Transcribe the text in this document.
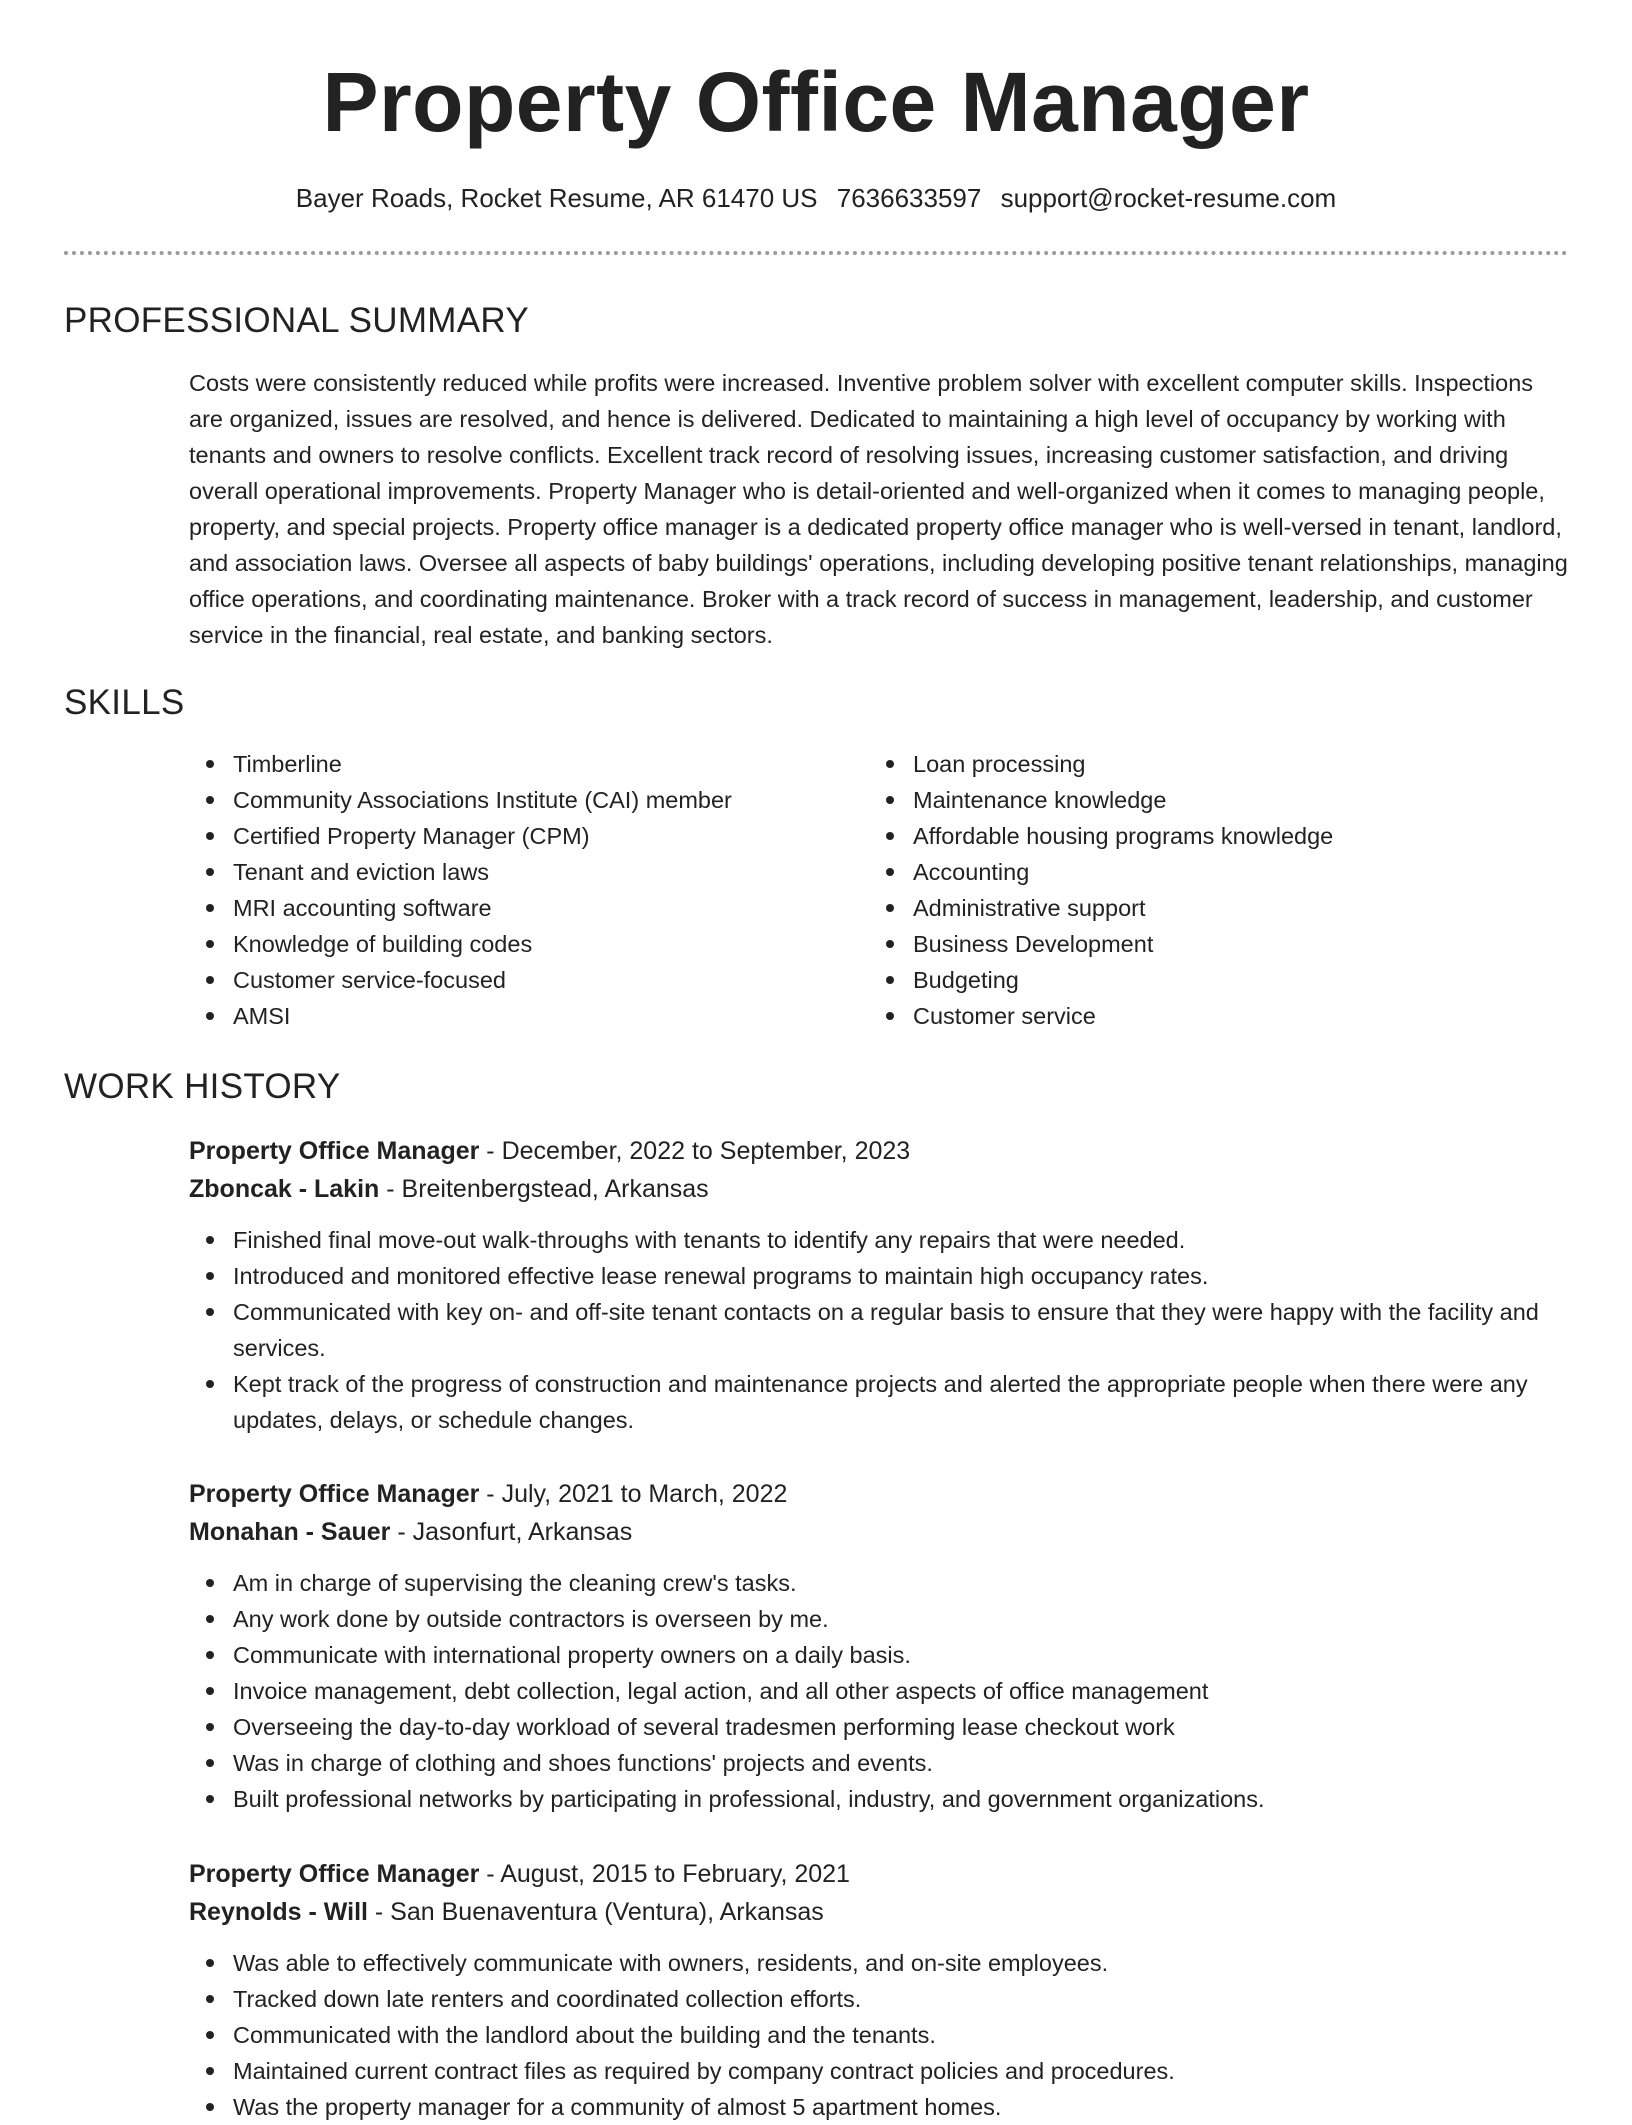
Property Office Manager
Bayer Roads, Rocket Resume, AR 61470 US 7636633597 support@rocket-resume.com
PROFESSIONAL SUMMARY

Costs were consistently reduced while profits were increased. Inventive problem solver with excellent computer skills. Inspections are organized, issues are resolved, and hence is delivered. Dedicated to maintaining a high level of occupancy by working with tenants and owners to resolve conflicts. Excellent track record of resolving issues, increasing customer satisfaction, and driving overall operational improvements. Property Manager who is detail-oriented and well-organized when it comes to managing people, property, and special projects. Property office manager is a dedicated property office manager who is well-versed in tenant, landlord, and association laws. Oversee all aspects of baby buildings' operations, including developing positive tenant relationships, managing office operations, and coordinating maintenance. Broker with a track record of success in management, leadership, and customer service in the financial, real estate, and banking sectors.

SKILLS
Timberline
Community Associations Institute (CAI) member
Certified Property Manager (CPM)
Tenant and eviction laws
MRI accounting software
Knowledge of building codes
Customer service-focused
AMSI
Loan processing
Maintenance knowledge
Affordable housing programs knowledge
Accounting
Administrative support
Business Development
Budgeting
Customer service
WORK HISTORY

Property Office Manager - December, 2022 to September, 2023

Zboncak - Lakin - Breitenbergstead, Arkansas

Finished final move-out walk-throughs with tenants to identify any repairs that were needed.
Introduced and monitored effective lease renewal programs to maintain high occupancy rates.
Communicated with key on- and off-site tenant contacts on a regular basis to ensure that they were happy with the facility and services.
Kept track of the progress of construction and maintenance projects and alerted the appropriate people when there were any updates, delays, or schedule changes.

Property Office Manager - July, 2021 to March, 2022

Monahan - Sauer - Jasonfurt, Arkansas

Am in charge of supervising the cleaning crew's tasks.
Any work done by outside contractors is overseen by me.
Communicate with international property owners on a daily basis.
Invoice management, debt collection, legal action, and all other aspects of office management
Overseeing the day-to-day workload of several tradesmen performing lease checkout work
Was in charge of clothing and shoes functions' projects and events.
Built professional networks by participating in professional, industry, and government organizations.

Property Office Manager - August, 2015 to February, 2021

Reynolds - Will - San Buenaventura (Ventura), Arkansas

Was able to effectively communicate with owners, residents, and on-site employees.
Tracked down late renters and coordinated collection efforts.
Communicated with the landlord about the building and the tenants.
Maintained current contract files as required by company contract policies and procedures.
Was the property manager for a community of almost 5 apartment homes.
